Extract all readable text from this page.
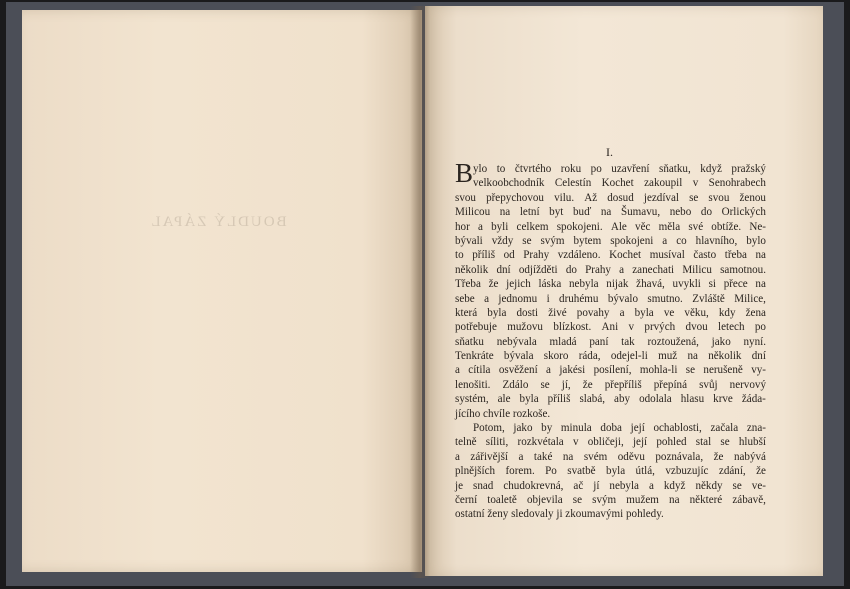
BOUDLÝ ZÁPAL
I.
B ylo to čtvrtého roku po uzavření sňatku, když pražský
velkoobchodník Celestín Kochet zakoupil v Senohrabech
svou přepychovou vilu. Až dosud jezdíval se svou ženou
Milicou na letní byt buď na Šumavu, nebo do Orlických
hor a byli celkem spokojeni. Ale věc měla své obtíže. Ne-
bývali vždy se svým bytem spokojeni a co hlavního, bylo
to příliš od Prahy vzdáleno. Kochet musíval často třeba na
několik dní odjížděti do Prahy a zanechati Milicu samotnou.
Třeba že jejich láska nebyla nijak žhavá, uvykli si přece na
sebe a jednomu i druhému bývalo smutno. Zvláště Milice,
která byla dosti živé povahy a byla ve věku, kdy žena
potřebuje mužovu blízkost. Ani v prvých dvou letech po
sňatku nebývala mladá paní tak roztoužená, jako nyní.
Tenkráte bývala skoro ráda, odejel-li muž na několik dní
a cítila osvěžení a jakési posílení, mohla-li se nerušeně vy-
lenošiti. Zdálo se jí, že přepříliš přepíná svůj nervový
systém, ale byla příliš slabá, aby odolala hlasu krve žáda-
jícího chvíle rozkoše.
Potom, jako by minula doba její ochablosti, začala zna-
telně síliti, rozkvétala v obličeji, její pohled stal se hlubší
a zářivější a také na svém oděvu poznávala, že nabývá
plnějších forem. Po svatbě byla útlá, vzbuzujíc zdání, že
je snad chudokrevná, ač jí nebyla a když někdy se ve-
černí toaletě objevila se svým mužem na některé zábavě,
ostatní ženy sledovaly ji zkoumavými pohledy.
